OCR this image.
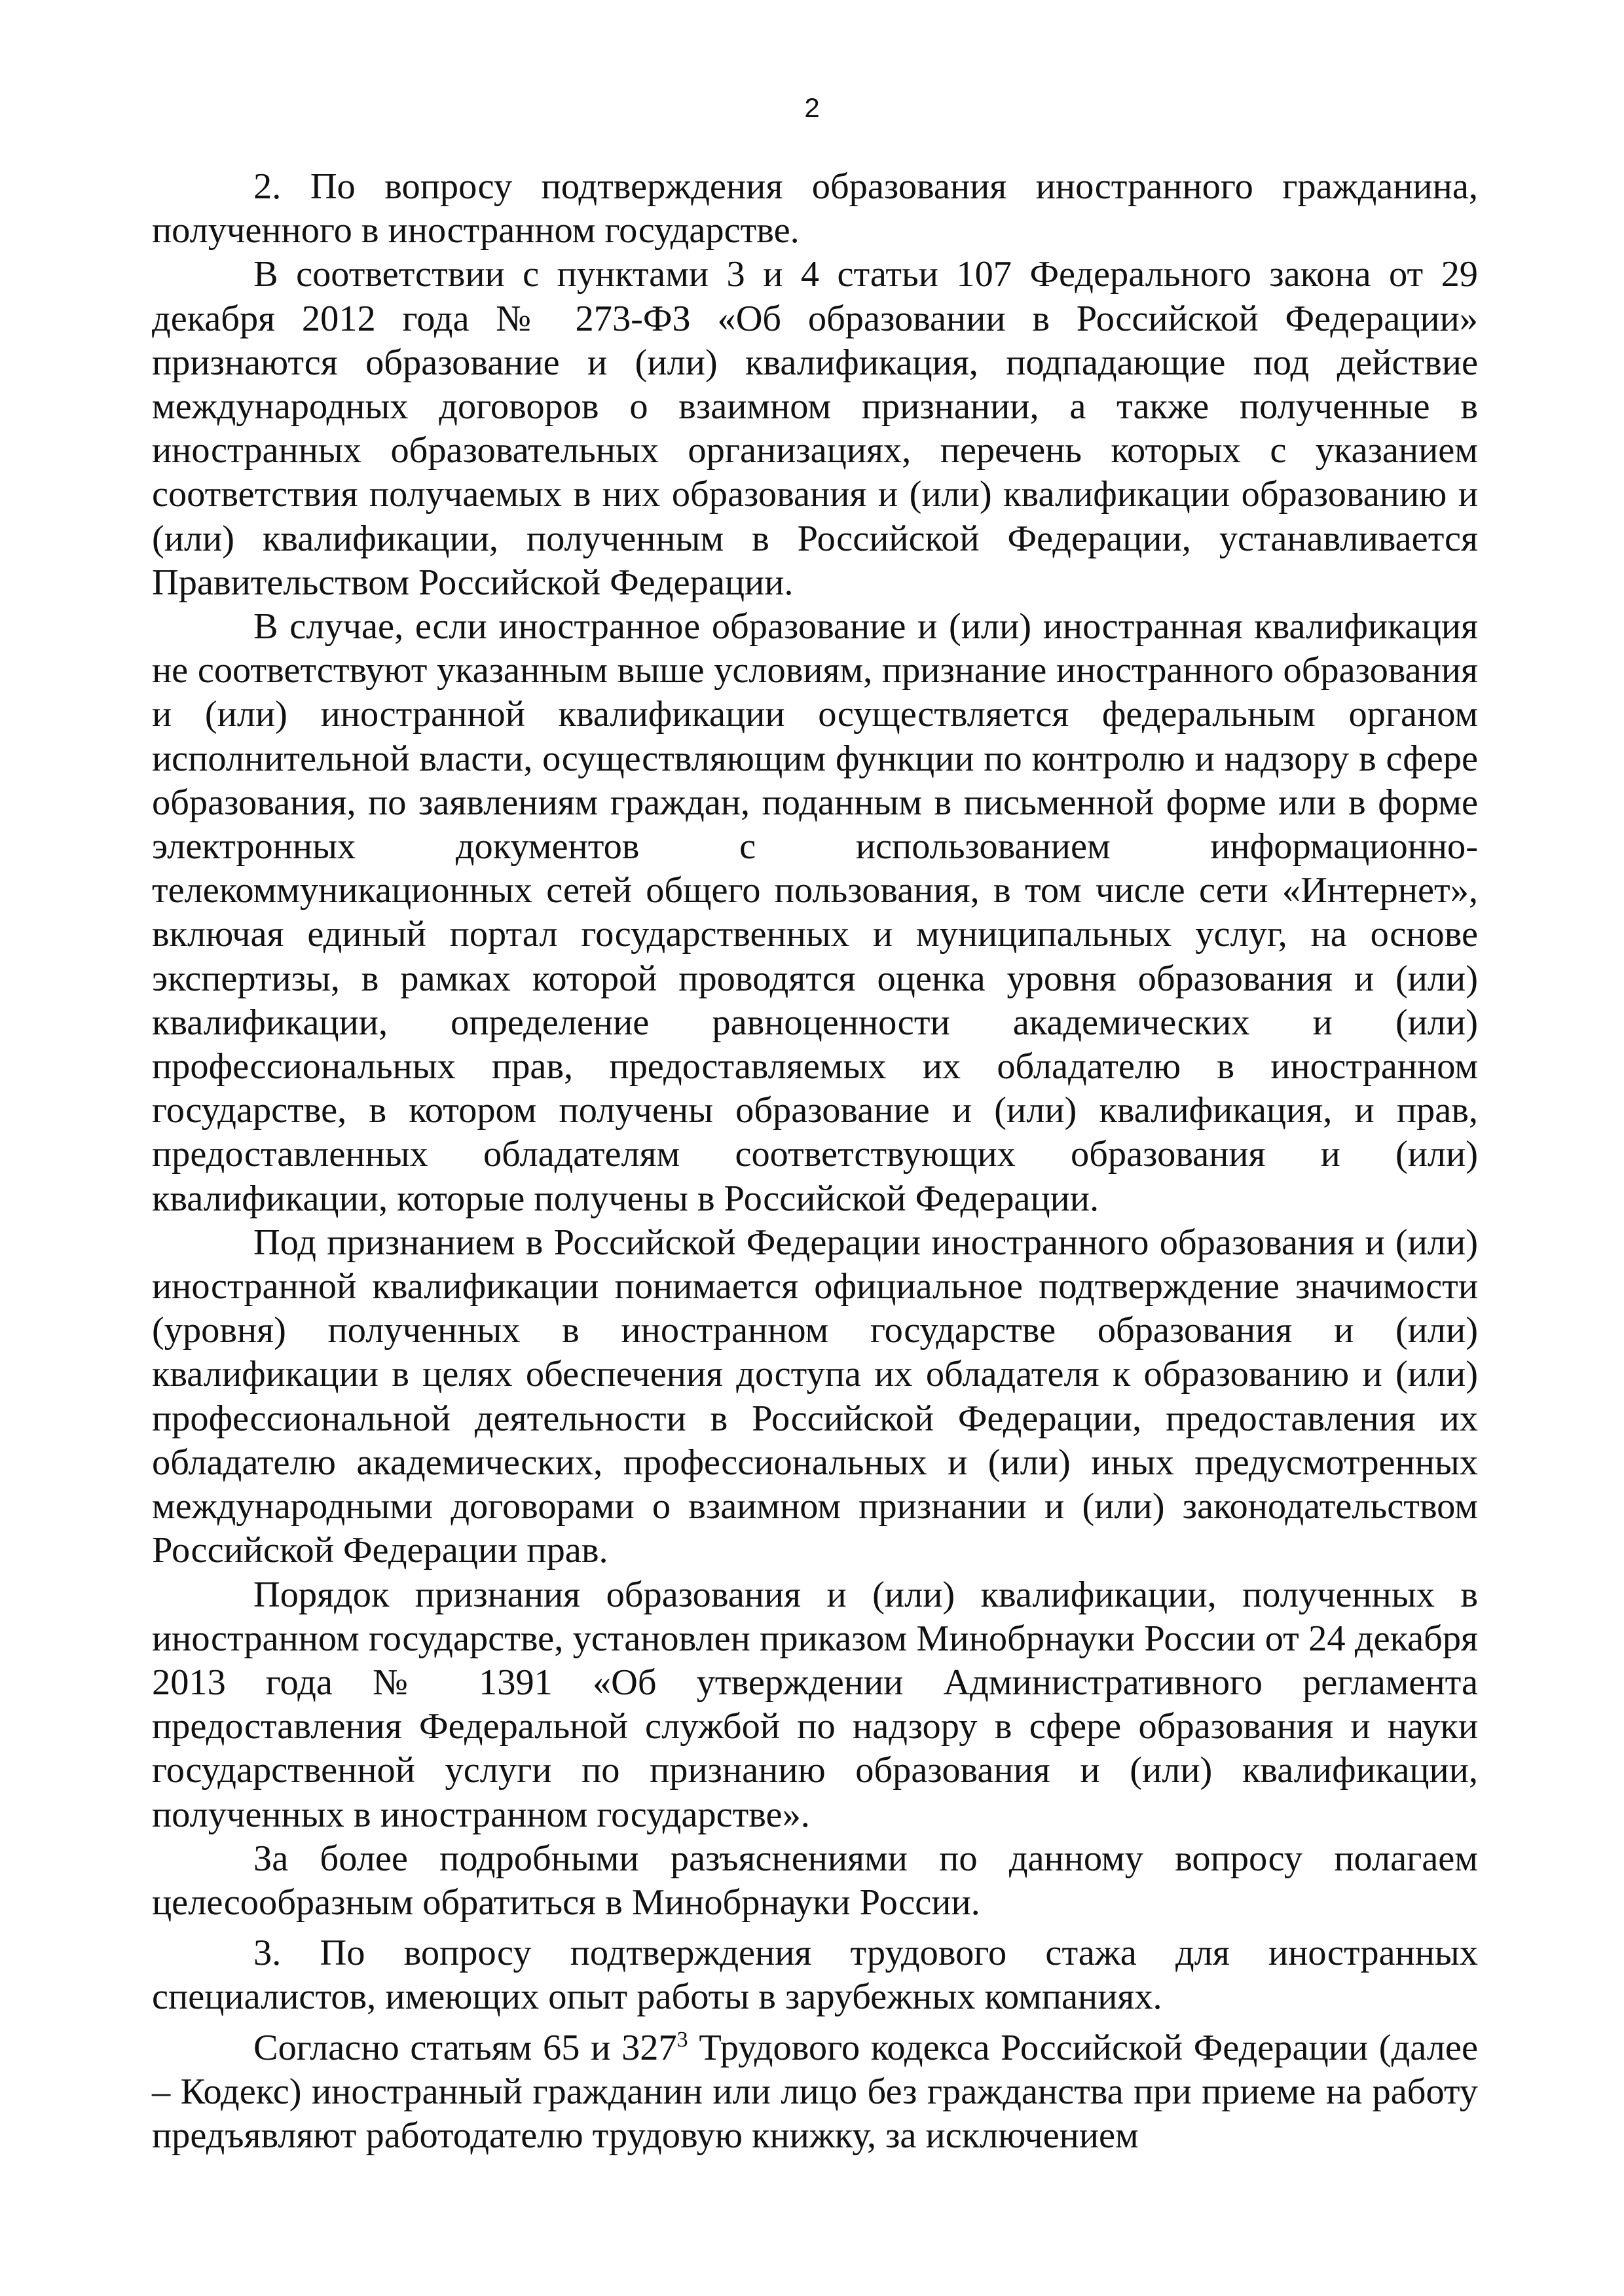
2

2. По вопросу подтверждения образования иностранного гражданина, полученного в иностранном государстве.

В соответствии с пунктами 3 и 4 статьи 107 Федерального закона от 29 декабря 2012 года № 273-ФЗ «Об образовании в Российской Федерации» признаются образование и (или) квалификация, подпадающие под действие международных договоров о взаимном признании, а также полученные в иностранных образовательных организациях, перечень которых с указанием соответствия получаемых в них образования и (или) квалификации образованию и (или) квалификации, полученным в Российской Федерации, устанавливается Правительством Российской Федерации.

В случае, если иностранное образование и (или) иностранная квалификация не соответствуют указанным выше условиям, признание иностранного образования и (или) иностранной квалификации осуществляется федеральным органом исполнительной власти, осуществляющим функции по контролю и надзору в сфере образования, по заявлениям граждан, поданным в письменной форме или в форме электронных документов с использованием информационно-телекоммуникационных сетей общего пользования, в том числе сети «Интернет», включая единый портал государственных и муниципальных услуг, на основе экспертизы, в рамках которой проводятся оценка уровня образования и (или) квалификации, определение равноценности академических и (или) профессиональных прав, предоставляемых их обладателю в иностранном государстве, в котором получены образование и (или) квалификация, и прав, предоставленных обладателям соответствующих образования и (или) квалификации, которые получены в Российской Федерации.

Под признанием в Российской Федерации иностранного образования и (или) иностранной квалификации понимается официальное подтверждение значимости (уровня) полученных в иностранном государстве образования и (или) квалификации в целях обеспечения доступа их обладателя к образованию и (или) профессиональной деятельности в Российской Федерации, предоставления их обладателю академических, профессиональных и (или) иных предусмотренных международными договорами о взаимном признании и (или) законодательством Российской Федерации прав.

Порядок признания образования и (или) квалификации, полученных в иностранном государстве, установлен приказом Минобрнауки России от 24 декабря 2013 года № 1391 «Об утверждении Административного регламента предоставления Федеральной службой по надзору в сфере образования и науки государственной услуги по признанию образования и (или) квалификации, полученных в иностранном государстве».

За более подробными разъяснениями по данному вопросу полагаем целесообразным обратиться в Минобрнауки России.

3. По вопросу подтверждения трудового стажа для иностранных специалистов, имеющих опыт работы в зарубежных компаниях.

Согласно статьям 65 и $327^3$ Трудового кодекса Российской Федерации (далее – Кодекс) иностранный гражданин или лицо без гражданства при приеме на работу предъявляют работодателю трудовую книжку, за исключением
